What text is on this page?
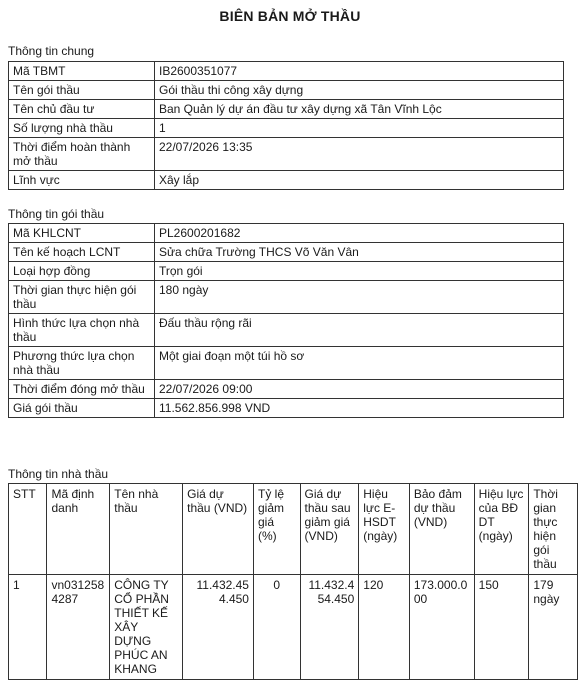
BIÊN BẢN MỞ THẦU
Thông tin chung
Mã TBMT	IB2600351077
Tên gói thầu	Gói thầu thi công xây dựng
Tên chủ đầu tư	Ban Quản lý dự án đầu tư xây dựng xã Tân Vĩnh Lộc
Số lượng nhà thầu	1
Thời điểm hoàn thành mở thầu	22/07/2026 13:35
Lĩnh vực	Xây lắp
Thông tin gói thầu
Mã KHLCNT	PL2600201682
Tên kế hoạch LCNT	Sửa chữa Trường THCS Võ Văn Vân
Loại hợp đồng	Trọn gói
Thời gian thực hiện gói thầu	180 ngày
Hình thức lựa chọn nhà thầu	Đấu thầu rộng rãi
Phương thức lựa chọn nhà thầu	Một giai đoạn một túi hồ sơ
Thời điểm đóng mở thầu	22/07/2026 09:00
Giá gói thầu	11.562.856.998 VND
Thông tin nhà thầu
STT	Mã định danh	Tên nhà thầu	Giá dự thầu (VND)	Tỷ lệ giảm giá (%)	Giá dự thầu sau giảm giá (VND)	Hiệu lực E-HSDT (ngày)	Bảo đảm dự thầu (VND)	Hiệu lực của BĐ DT (ngày)	Thời gian thực hiện gói thầu
1	vn0312584287	CÔNG TY CỔ PHẦN THIẾT KẾ XÂY DỰNG PHÚC AN KHANG	11.432.454.450	0	11.432.454.450	120	173.000.000	150	179 ngày
